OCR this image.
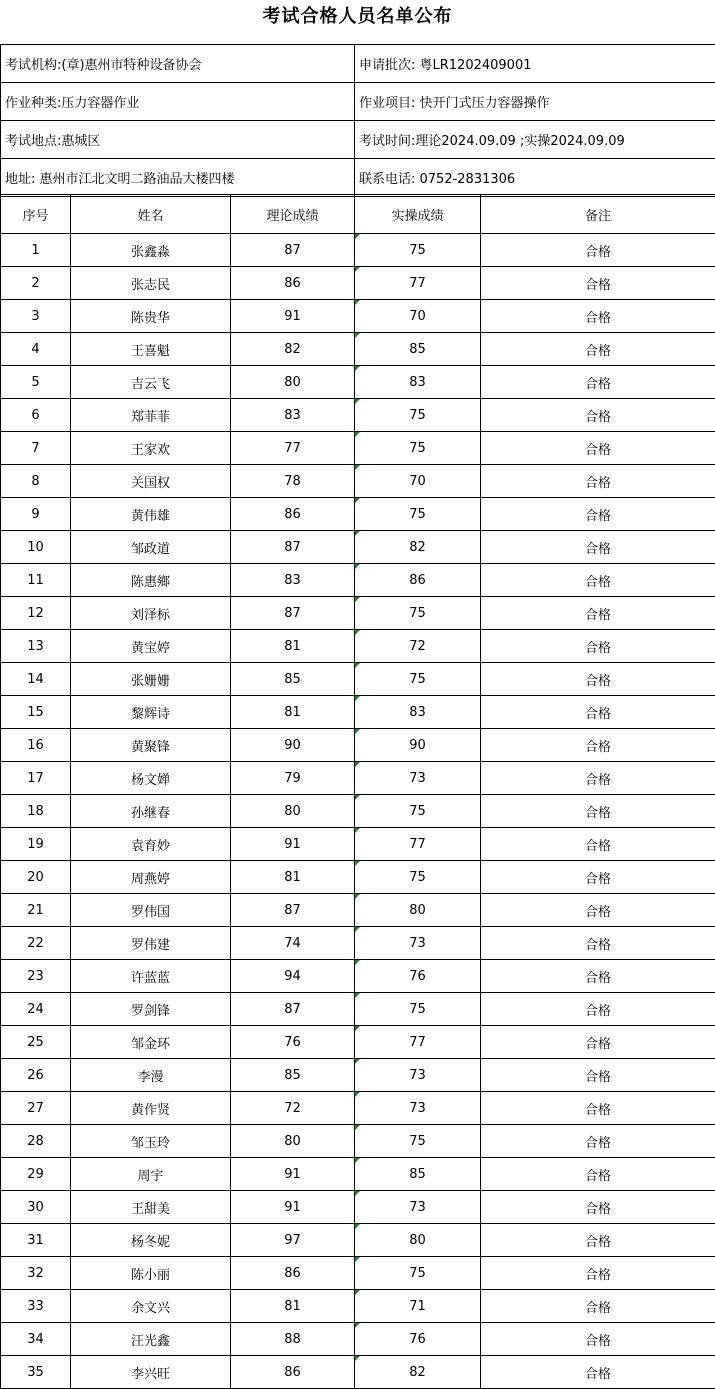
考试合格人员名单公布
考试机构:(章)惠州市特种设备协会	申请批次: 粤LR1202409001
作业种类:压力容器作业	作业项目: 快开门式压力容器操作
考试地点:惠城区	考试时间:理论2024.09.09 ;实操2024.09.09
地址: 惠州市江北文明二路油品大楼四楼	联系电话: 0752-2831306
序号	姓名	理论成绩	实操成绩	备注
1	张鑫淼	87	75	合格
2	张志民	86	77	合格
3	陈贵华	91	70	合格
4	王喜魁	82	85	合格
5	吉云飞	80	83	合格
6	郑菲菲	83	75	合格
7	王家欢	77	75	合格
8	关国权	78	70	合格
9	黄伟雄	86	75	合格
10	邹政道	87	82	合格
11	陈惠鄉	83	86	合格
12	刘泽标	87	75	合格
13	黄宝婷	81	72	合格
14	张姗姗	85	75	合格
15	黎辉诗	81	83	合格
16	黄聚锋	90	90	合格
17	杨文婵	79	73	合格
18	孙继春	80	75	合格
19	袁育妙	91	77	合格
20	周燕婷	81	75	合格
21	罗伟国	87	80	合格
22	罗伟建	74	73	合格
23	许蓝蓝	94	76	合格
24	罗剑锋	87	75	合格
25	邹金环	76	77	合格
26	李漫	85	73	合格
27	黄作贤	72	73	合格
28	邹玉玲	80	75	合格
29	周宇	91	85	合格
30	王甜美	91	73	合格
31	杨冬妮	97	80	合格
32	陈小丽	86	75	合格
33	余文兴	81	71	合格
34	汪光鑫	88	76	合格
35	李兴旺	86	82	合格
